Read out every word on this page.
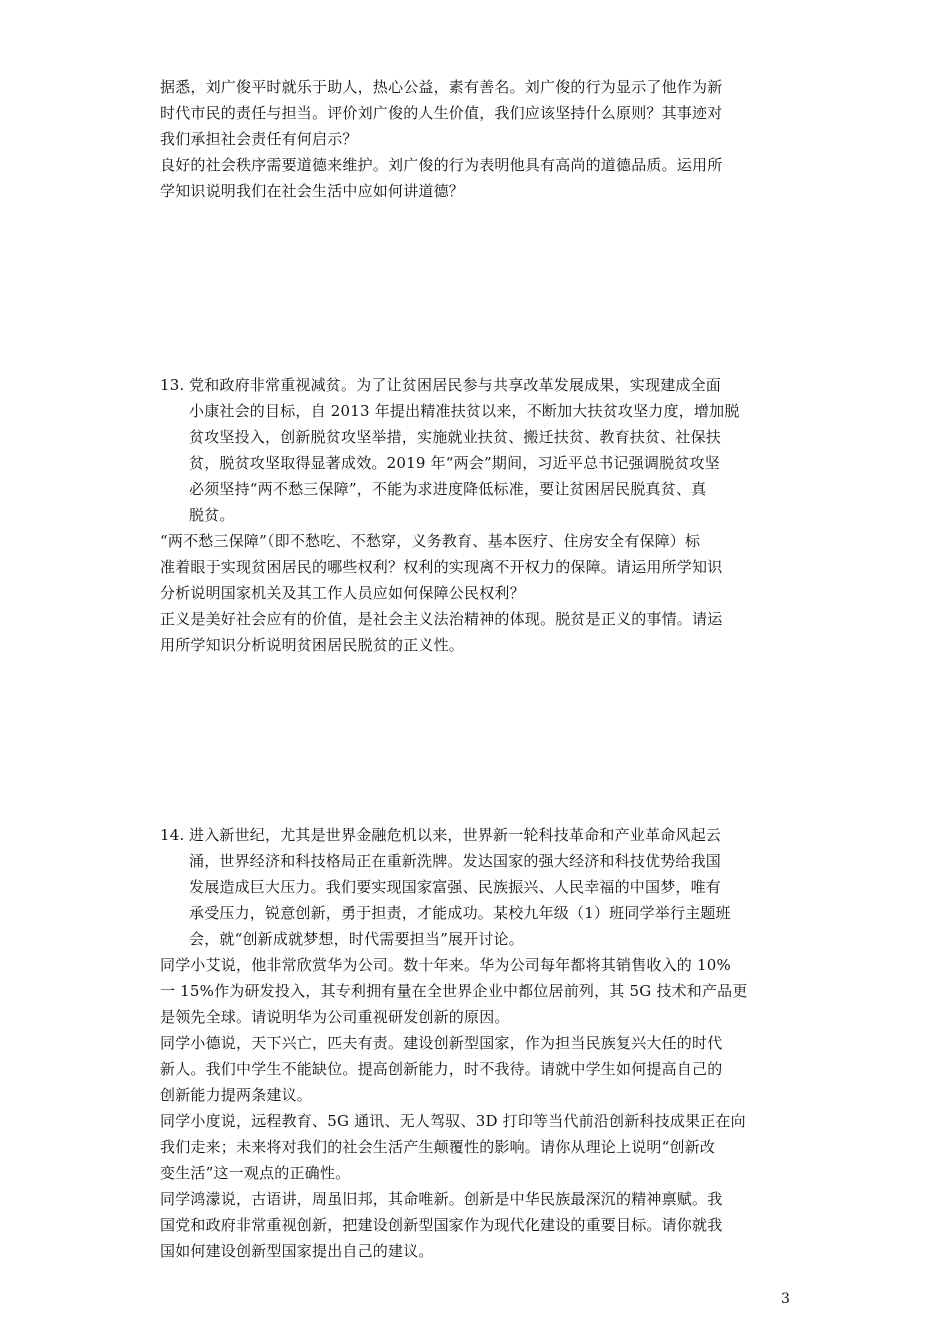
据悉，刘广俊平时就乐于助人，热心公益，素有善名。刘广俊的行为显示了他作为新
时代市民的责任与担当。评价刘广俊的人生价值，我们应该坚持什么原则？其事迹对
我们承担社会责任有何启示？
良好的社会秩序需要道德来维护。刘广俊的行为表明他具有高尚的道德品质。运用所
学知识说明我们在社会生活中应如何讲道德？
13. 党和政府非常重视减贫。为了让贫困居民参与共享改革发展成果，实现建成全面
小康社会的目标，自 2013 年提出精准扶贫以来，不断加大扶贫攻坚力度，增加脱
贫攻坚投入，创新脱贫攻坚举措，实施就业扶贫、搬迁扶贫、教育扶贫、社保扶
贫，脱贫攻坚取得显著成效。2019 年“两会”期间，习近平总书记强调脱贫攻坚
必须坚持“两不愁三保障”，不能为求进度降低标准，要让贫困居民脱真贫、真
脱贫。
“两不愁三保障”（即不愁吃、不愁穿，义务教育、基本医疗、住房安全有保障）标
准着眼于实现贫困居民的哪些权利？权利的实现离不开权力的保障。请运用所学知识
分析说明国家机关及其工作人员应如何保障公民权利？
正义是美好社会应有的价值，是社会主义法治精神的体现。脱贫是正义的事情。请运
用所学知识分析说明贫困居民脱贫的正义性。
14. 进入新世纪，尤其是世界金融危机以来，世界新一轮科技革命和产业革命风起云
涌，世界经济和科技格局正在重新洗牌。发达国家的强大经济和科技优势给我国
发展造成巨大压力。我们要实现国家富强、民族振兴、人民幸福的中国梦，唯有
承受压力，锐意创新，勇于担责，才能成功。某校九年级（1）班同学举行主题班
会，就“创新成就梦想，时代需要担当”展开讨论。
同学小艾说，他非常欣赏华为公司。数十年来。华为公司每年都将其销售收入的 10%
一 15%作为研发投入，其专利拥有量在全世界企业中都位居前列，其 5G 技术和产品更
是领先全球。请说明华为公司重视研发创新的原因。
同学小德说，天下兴亡，匹夫有责。建设创新型国家，作为担当民族复兴大任的时代
新人。我们中学生不能缺位。提高创新能力，时不我待。请就中学生如何提高自己的
创新能力提两条建议。
同学小度说，远程教育、5G 通讯、无人驾驭、3D 打印等当代前沿创新科技成果正在向
我们走来；未来将对我们的社会生活产生颠覆性的影响。请你从理论上说明“创新改
变生活”这一观点的正确性。
同学鸿濛说，古语讲，周虽旧邦，其命唯新。创新是中华民族最深沉的精神禀赋。我
国党和政府非常重视创新，把建设创新型国家作为现代化建设的重要目标。请你就我
国如何建设创新型国家提出自己的建议。
3
